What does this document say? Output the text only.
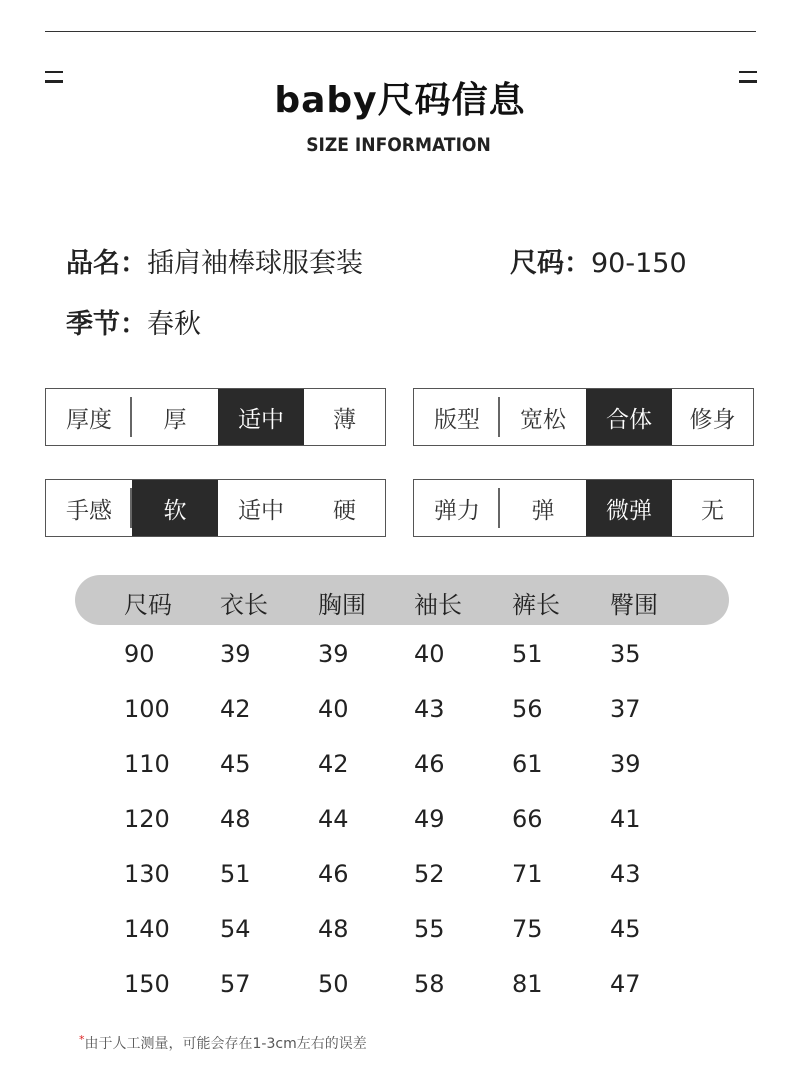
baby尺码信息
SIZE INFORMATION
品名：插肩袖棒球服套装	尺码：90-150
季节：春秋
厚度	厚	适中	薄	版型	宽松	合体	修身
手感	软	适中	硬	弹力	弹	微弹	无
尺码 衣长 胸围 袖长 裤长 臀围
90	39	39	40	51	35
100 42	40	43	56	37
110 45	42	46	61	39
120 48	44	49	66	41
130 51	46	52	71	43
140 54	48	55	75	45
150 57	50	58	81	47
*由于人工测量，可能会存在1-3cm左右的误差
